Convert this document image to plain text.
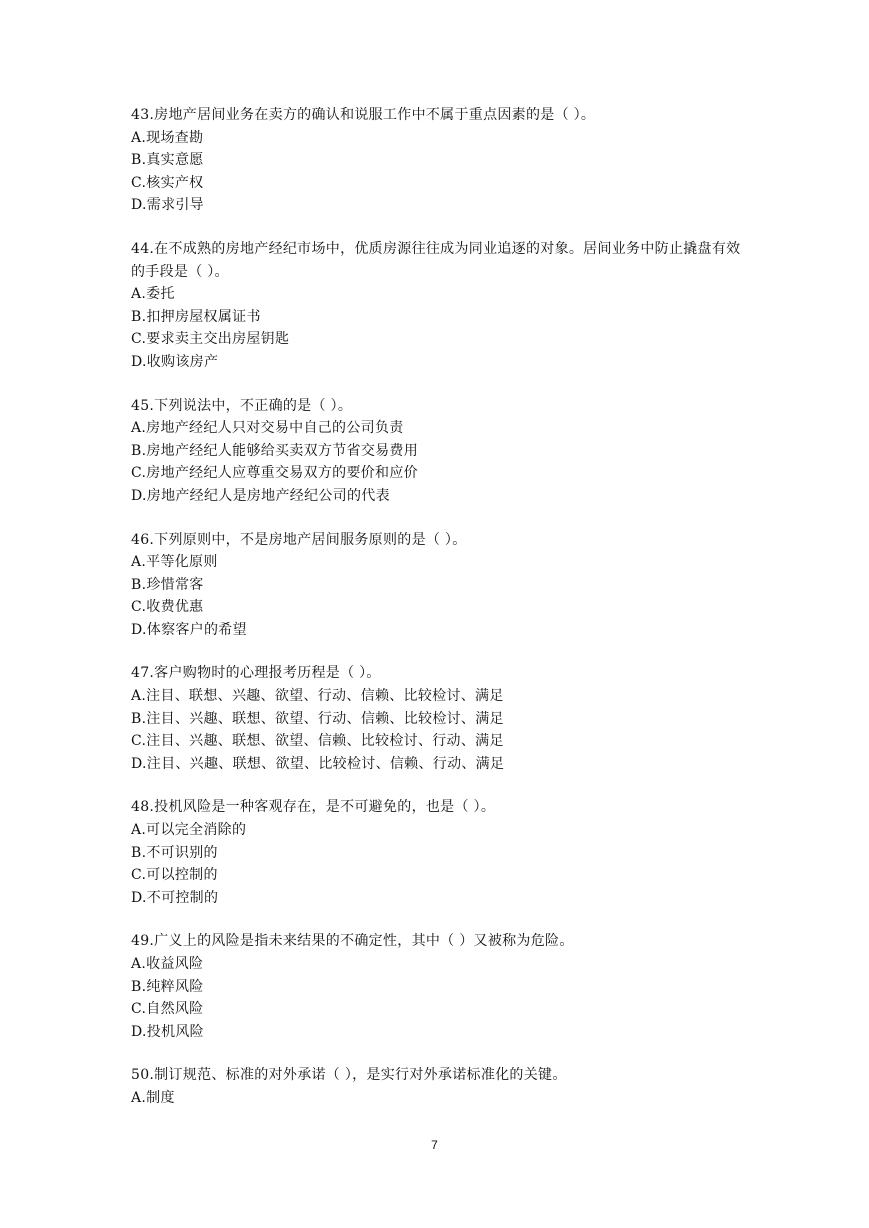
43.房地产居间业务在卖方的确认和说服工作中不属于重点因素的是（ ）。
A.现场查勘
B.真实意愿
C.核实产权
D.需求引导
44.在不成熟的房地产经纪市场中，优质房源往往成为同业追逐的对象。居间业务中防止撬盘有效的手段是（ ）。
A.委托
B.扣押房屋权属证书
C.要求卖主交出房屋钥匙
D.收购该房产
45.下列说法中，不正确的是（ ）。
A.房地产经纪人只对交易中自己的公司负责
B.房地产经纪人能够给买卖双方节省交易费用
C.房地产经纪人应尊重交易双方的要价和应价
D.房地产经纪人是房地产经纪公司的代表
46.下列原则中，不是房地产居间服务原则的是（ ）。
A.平等化原则
B.珍惜常客
C.收费优惠
D.体察客户的希望
47.客户购物时的心理报考历程是（ ）。
A.注目、联想、兴趣、欲望、行动、信赖、比较检讨、满足
B.注目、兴趣、联想、欲望、行动、信赖、比较检讨、满足
C.注目、兴趣、联想、欲望、信赖、比较检讨、行动、满足
D.注目、兴趣、联想、欲望、比较检讨、信赖、行动、满足
48.投机风险是一种客观存在，是不可避免的，也是（ ）。
A.可以完全消除的
B.不可识别的
C.可以控制的
D.不可控制的
49.广义上的风险是指未来结果的不确定性，其中（ ）又被称为危险。
A.收益风险
B.纯粹风险
C.自然风险
D.投机风险
50.制订规范、标准的对外承诺（ ），是实行对外承诺标准化的关键。
A.制度
7
